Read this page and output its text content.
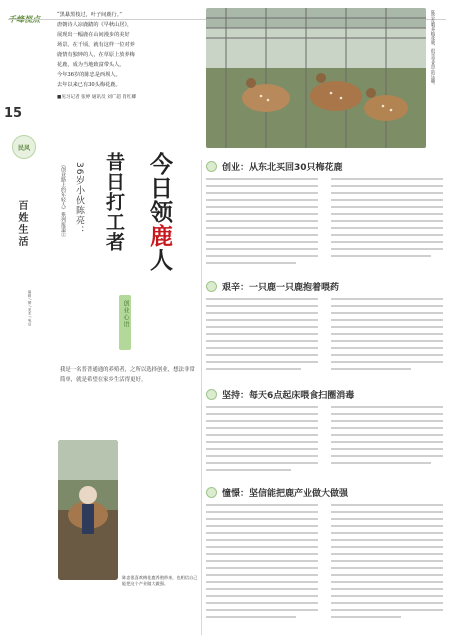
15
民风
百姓生活
编辑 / 柳 / 美术 / 电话
“黑暴黑枝过，叶子间鹿行。”
唐朝诗人凉鹿踏的《早秋山居》，
展现出一幅鹿在山间漫步的美好
场景。在千顷，就有这样一位对养
鹿情有独钟的人，在草原上放养梅
花鹿，成为当地致富带头人。
今年36岁的陈忠是西坝人。
去年以来已有30头梅花鹿。
■见习记者 张婷 通讯员 刘广超 肖红卿
《创业路上的年轻人》系列报道② 36岁小伙陈亮： 昔日打工者 今日领鹿人
创业心语
我是一名普普通通的养殖者，之所以选择创业，想法非常简单，就是希望在家乡生活得更好。
陈忠很喜欢梅花鹿养殖带来，也相信自己能把这个产业做大做强。
陈忠在喂养梅花鹿，很享受其中的乐趣。
创业：从东北买回30只梅花鹿
艰辛：一只鹿一只鹿抱着喂药
坚持：每天6点起床喂食扫圈消毒
憧憬：坚信能把鹿产业做大做强
